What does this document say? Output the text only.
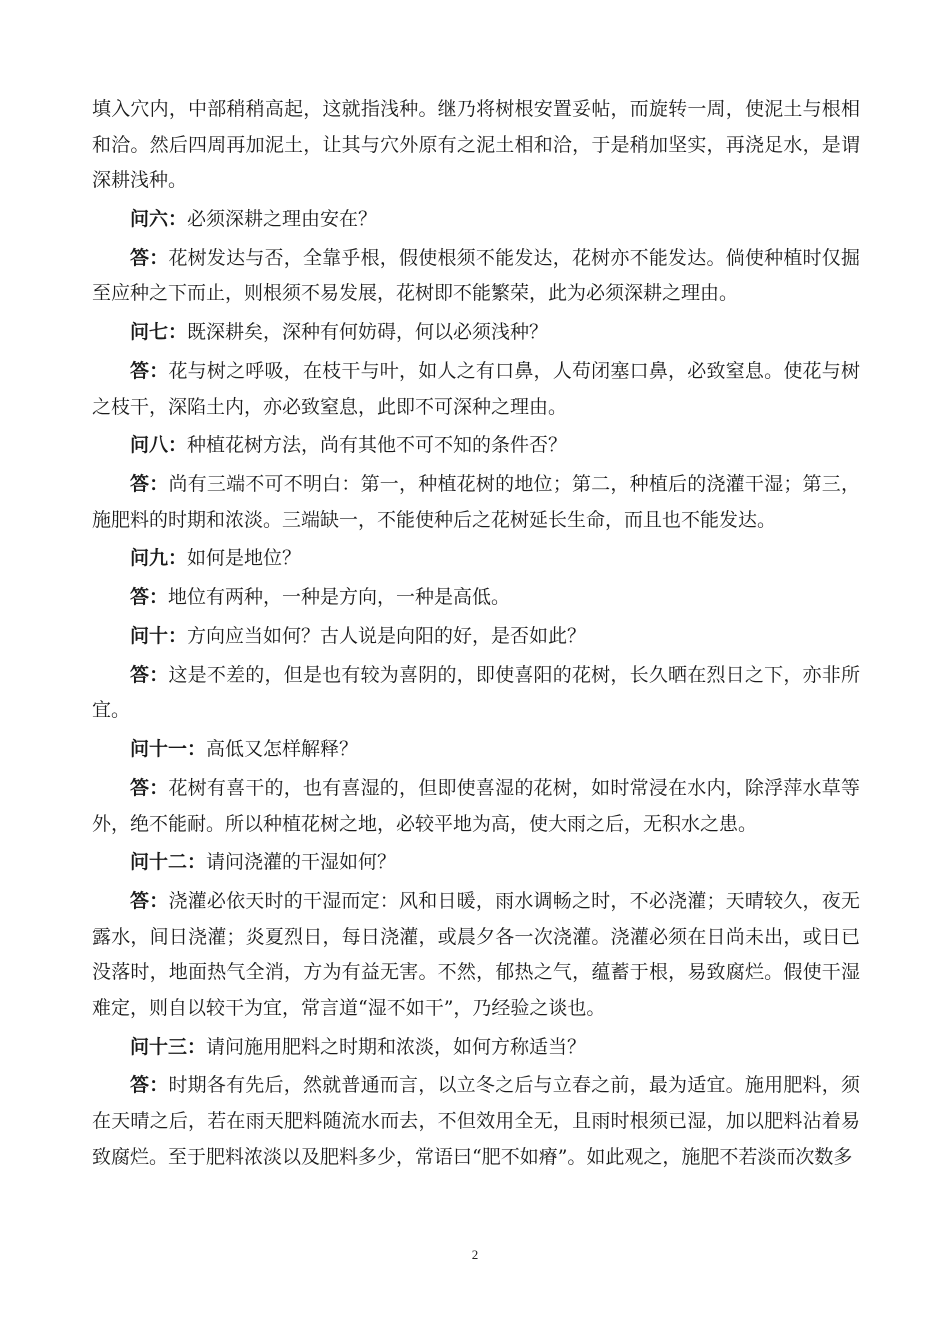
填入穴内，中部稍稍高起，这就指浅种。继乃将树根安置妥帖，而旋转一周，使泥土与根相和洽。然后四周再加泥土，让其与穴外原有之泥土相和洽，于是稍加坚实，再浇足水，是谓深耕浅种。

问六：必须深耕之理由安在？

答：花树发达与否，全靠乎根，假使根须不能发达，花树亦不能发达。倘使种植时仅掘至应种之下而止，则根须不易发展，花树即不能繁荣，此为必须深耕之理由。

问七：既深耕矣，深种有何妨碍，何以必须浅种？

答：花与树之呼吸，在枝干与叶，如人之有口鼻，人苟闭塞口鼻，必致窒息。使花与树之枝干，深陷土内，亦必致窒息，此即不可深种之理由。

问八：种植花树方法，尚有其他不可不知的条件否？

答：尚有三端不可不明白：第一，种植花树的地位；第二，种植后的浇灌干湿；第三，施肥料的时期和浓淡。三端缺一，不能使种后之花树延长生命，而且也不能发达。

问九：如何是地位？

答：地位有两种，一种是方向，一种是高低。

问十：方向应当如何？古人说是向阳的好，是否如此？

答：这是不差的，但是也有较为喜阴的，即使喜阳的花树，长久晒在烈日之下，亦非所宜。

问十一：高低又怎样解释？

答：花树有喜干的，也有喜湿的，但即使喜湿的花树，如时常浸在水内，除浮萍水草等外，绝不能耐。所以种植花树之地，必较平地为高，使大雨之后，无积水之患。

问十二：请问浇灌的干湿如何？

答：浇灌必依天时的干湿而定：风和日暖，雨水调畅之时，不必浇灌；天晴较久，夜无露水，间日浇灌；炎夏烈日，每日浇灌，或晨夕各一次浇灌。浇灌必须在日尚未出，或日已没落时，地面热气全消，方为有益无害。不然，郁热之气，蕴蓄于根，易致腐烂。假使干湿难定，则自以较干为宜，常言道“湿不如干”，乃经验之谈也。

问十三：请问施用肥料之时期和浓淡，如何方称适当？

答：时期各有先后，然就普通而言，以立冬之后与立春之前，最为适宜。施用肥料，须在天晴之后，若在雨天肥料随流水而去，不但效用全无，且雨时根须已湿，加以肥料沾着易致腐烂。至于肥料浓淡以及肥料多少，常语曰“肥不如瘠”。如此观之，施肥不若淡而次数多

2
